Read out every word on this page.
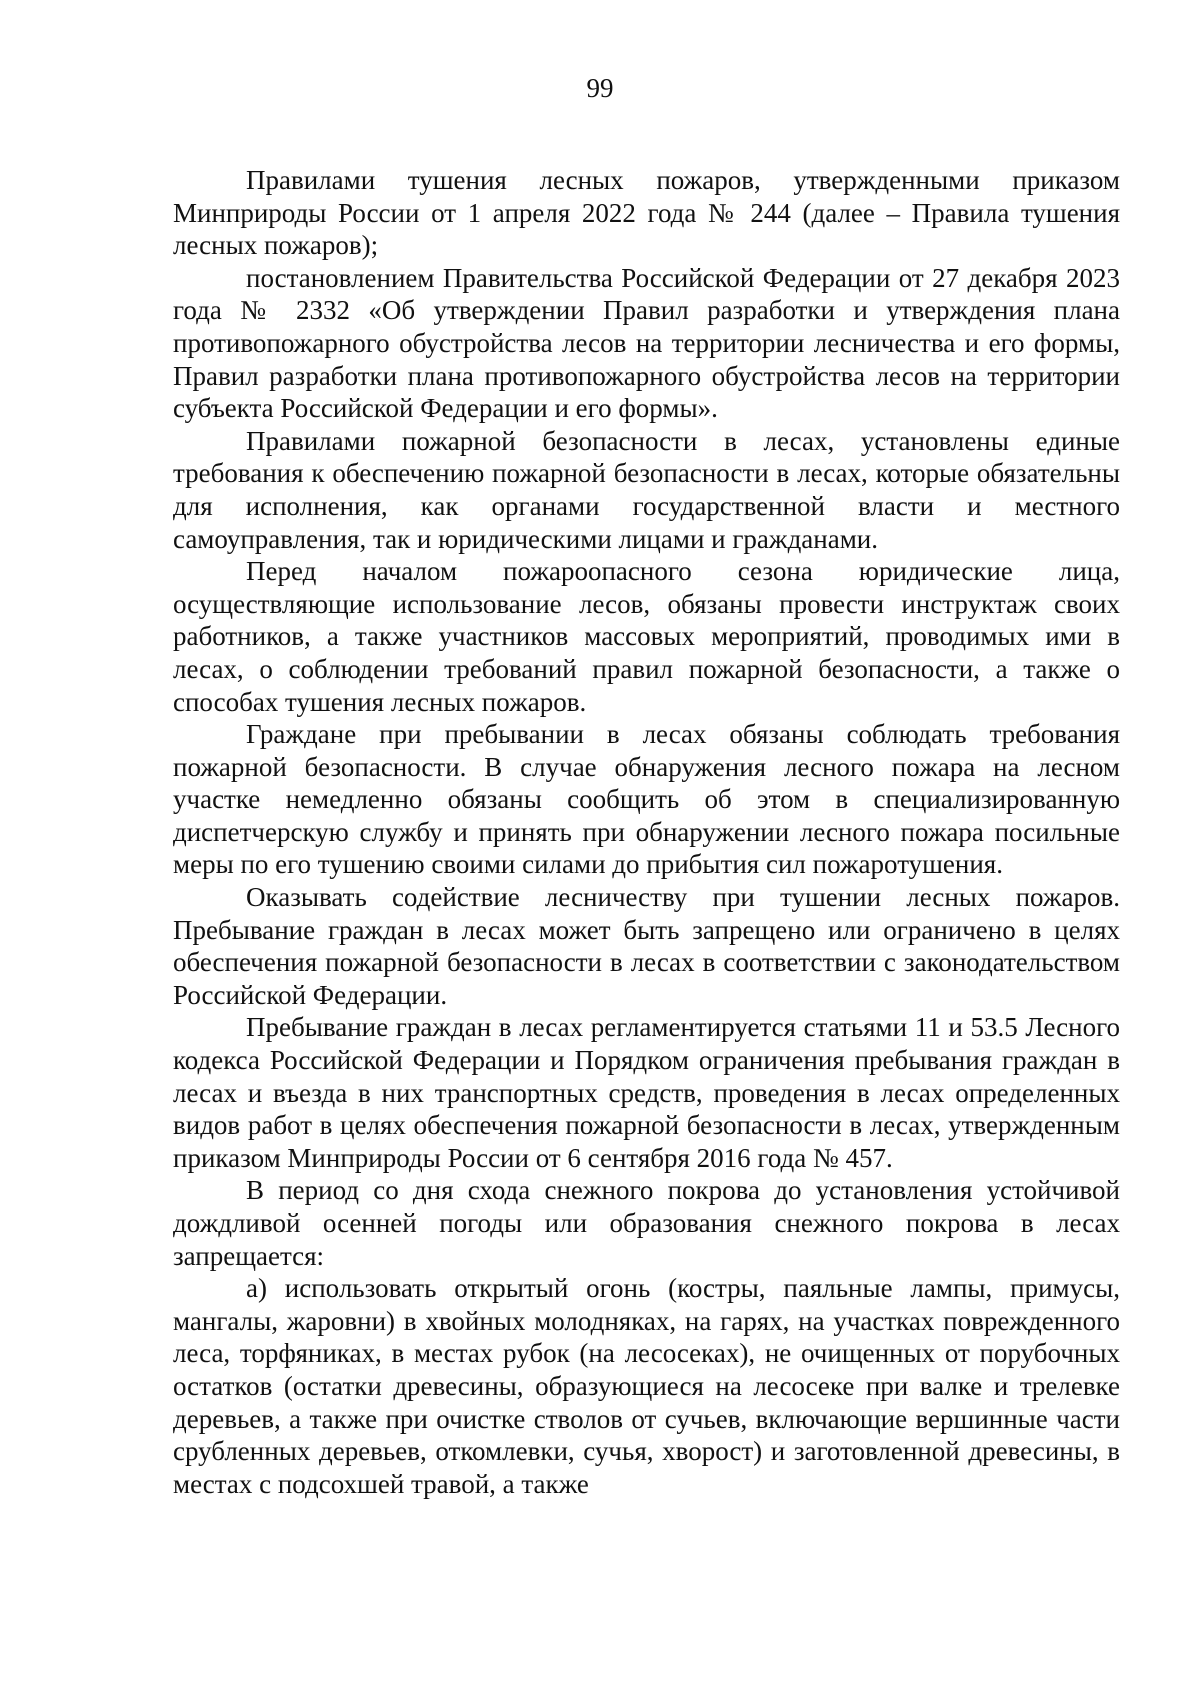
99

Правилами тушения лесных пожаров, утвержденными приказом Минприроды России от 1 апреля 2022 года № 244 (далее – Правила тушения лесных пожаров);

постановлением Правительства Российской Федерации от 27 декабря 2023 года № 2332 «Об утверждении Правил разработки и утверждения плана противопожарного обустройства лесов на территории лесничества и его формы, Правил разработки плана противопожарного обустройства лесов на территории субъекта Российской Федерации и его формы».

Правилами пожарной безопасности в лесах, установлены единые требования к обеспечению пожарной безопасности в лесах, которые обязательны для исполнения, как органами государственной власти и местного самоуправления, так и юридическими лицами и гражданами.

Перед началом пожароопасного сезона юридические лица, осуществляющие использование лесов, обязаны провести инструктаж своих работников, а также участников массовых мероприятий, проводимых ими в лесах, о соблюдении требований правил пожарной безопасности, а также о способах тушения лесных пожаров.

Граждане при пребывании в лесах обязаны соблюдать требования пожарной безопасности. В случае обнаружения лесного пожара на лесном участке немедленно обязаны сообщить об этом в специализированную диспетчерскую службу и принять при обнаружении лесного пожара посильные меры по его тушению своими силами до прибытия сил пожаротушения.

Оказывать содействие лесничеству при тушении лесных пожаров. Пребывание граждан в лесах может быть запрещено или ограничено в целях обеспечения пожарной безопасности в лесах в соответствии с законодательством Российской Федерации.

Пребывание граждан в лесах регламентируется статьями 11 и 53.5 Лесного кодекса Российской Федерации и Порядком ограничения пребывания граждан в лесах и въезда в них транспортных средств, проведения в лесах определенных видов работ в целях обеспечения пожарной безопасности в лесах, утвержденным приказом Минприроды России от 6 сентября 2016 года № 457.

В период со дня схода снежного покрова до установления устойчивой дождливой осенней погоды или образования снежного покрова в лесах запрещается:

а) использовать открытый огонь (костры, паяльные лампы, примусы, мангалы, жаровни) в хвойных молодняках, на гарях, на участках поврежденного леса, торфяниках, в местах рубок (на лесосеках), не очищенных от порубочных остатков (остатки древесины, образующиеся на лесосеке при валке и трелевке деревьев, а также при очистке стволов от сучьев, включающие вершинные части срубленных деревьев, откомлевки, сучья, хворост) и заготовленной древесины, в местах с подсохшей травой, а также
